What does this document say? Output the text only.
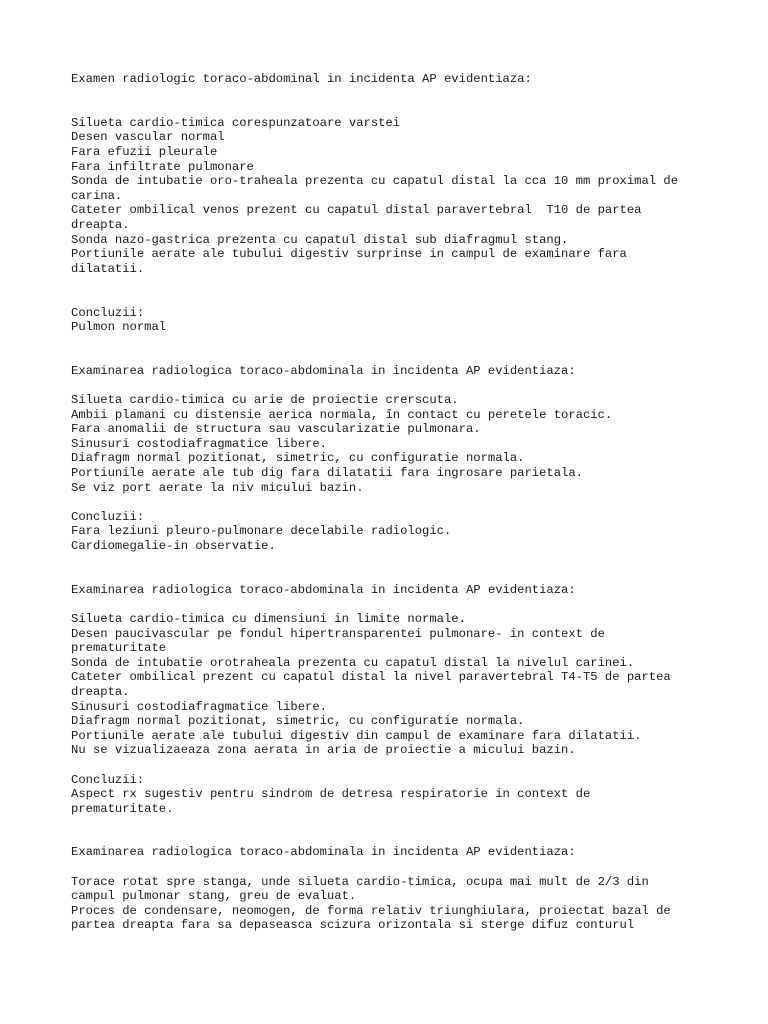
Examen radiologic toraco-abdominal in incidenta AP evidentiaza:
Silueta cardio-timica corespunzatoare varstei
Desen vascular normal
Fara efuzii pleurale
Fara infiltrate pulmonare
Sonda de intubatie oro-traheala prezenta cu capatul distal la cca 10 mm proximal de
carina.
Cateter ombilical venos prezent cu capatul distal paravertebral  T10 de partea
dreapta.
Sonda nazo-gastrica prezenta cu capatul distal sub diafragmul stang.
Portiunile aerate ale tubului digestiv surprinse in campul de examinare fara
dilatatii.
Concluzii:
Pulmon normal
Examinarea radiologica toraco-abdominala in incidenta AP evidentiaza:
Silueta cardio-timica cu arie de proiectie crerscuta.
Ambii plamani cu distensie aerica normala, în contact cu peretele toracic.
Fara anomalii de structura sau vascularizatie pulmonara.
Sinusuri costodiafragmatice libere.
Diafragm normal pozitionat, simetric, cu configuratie normala.
Portiunile aerate ale tub dig fara dilatatii fara ingrosare parietala.
Se viz port aerate la niv micului bazin.
Concluzii:
Fara leziuni pleuro-pulmonare decelabile radiologic.
Cardiomegalie-in observatie.
Examinarea radiologica toraco-abdominala in incidenta AP evidentiaza:
Silueta cardio-timica cu dimensiuni in limite normale.
Desen paucivascular pe fondul hipertransparentei pulmonare- in context de
prematuritate
Sonda de intubatie orotraheala prezenta cu capatul distal la nivelul carinei.
Cateter ombilical prezent cu capatul distal la nivel paravertebral T4-T5 de partea
dreapta.
Sinusuri costodiafragmatice libere.
Diafragm normal pozitionat, simetric, cu configuratie normala.
Portiunile aerate ale tubului digestiv din campul de examinare fara dilatatii.
Nu se vizualizaeaza zona aerata in aria de proiectie a micului bazin.
Concluzii:
Aspect rx sugestiv pentru sindrom de detresa respiratorie in context de
prematuritate.
Examinarea radiologica toraco-abdominala in incidenta AP evidentiaza:
Torace rotat spre stanga, unde silueta cardio-timica, ocupa mai mult de 2/3 din
campul pulmonar stang, greu de evaluat.
Proces de condensare, neomogen, de forma relativ triunghiulara, proiectat bazal de
partea dreapta fara sa depaseasca scizura orizontala si sterge difuz conturul
